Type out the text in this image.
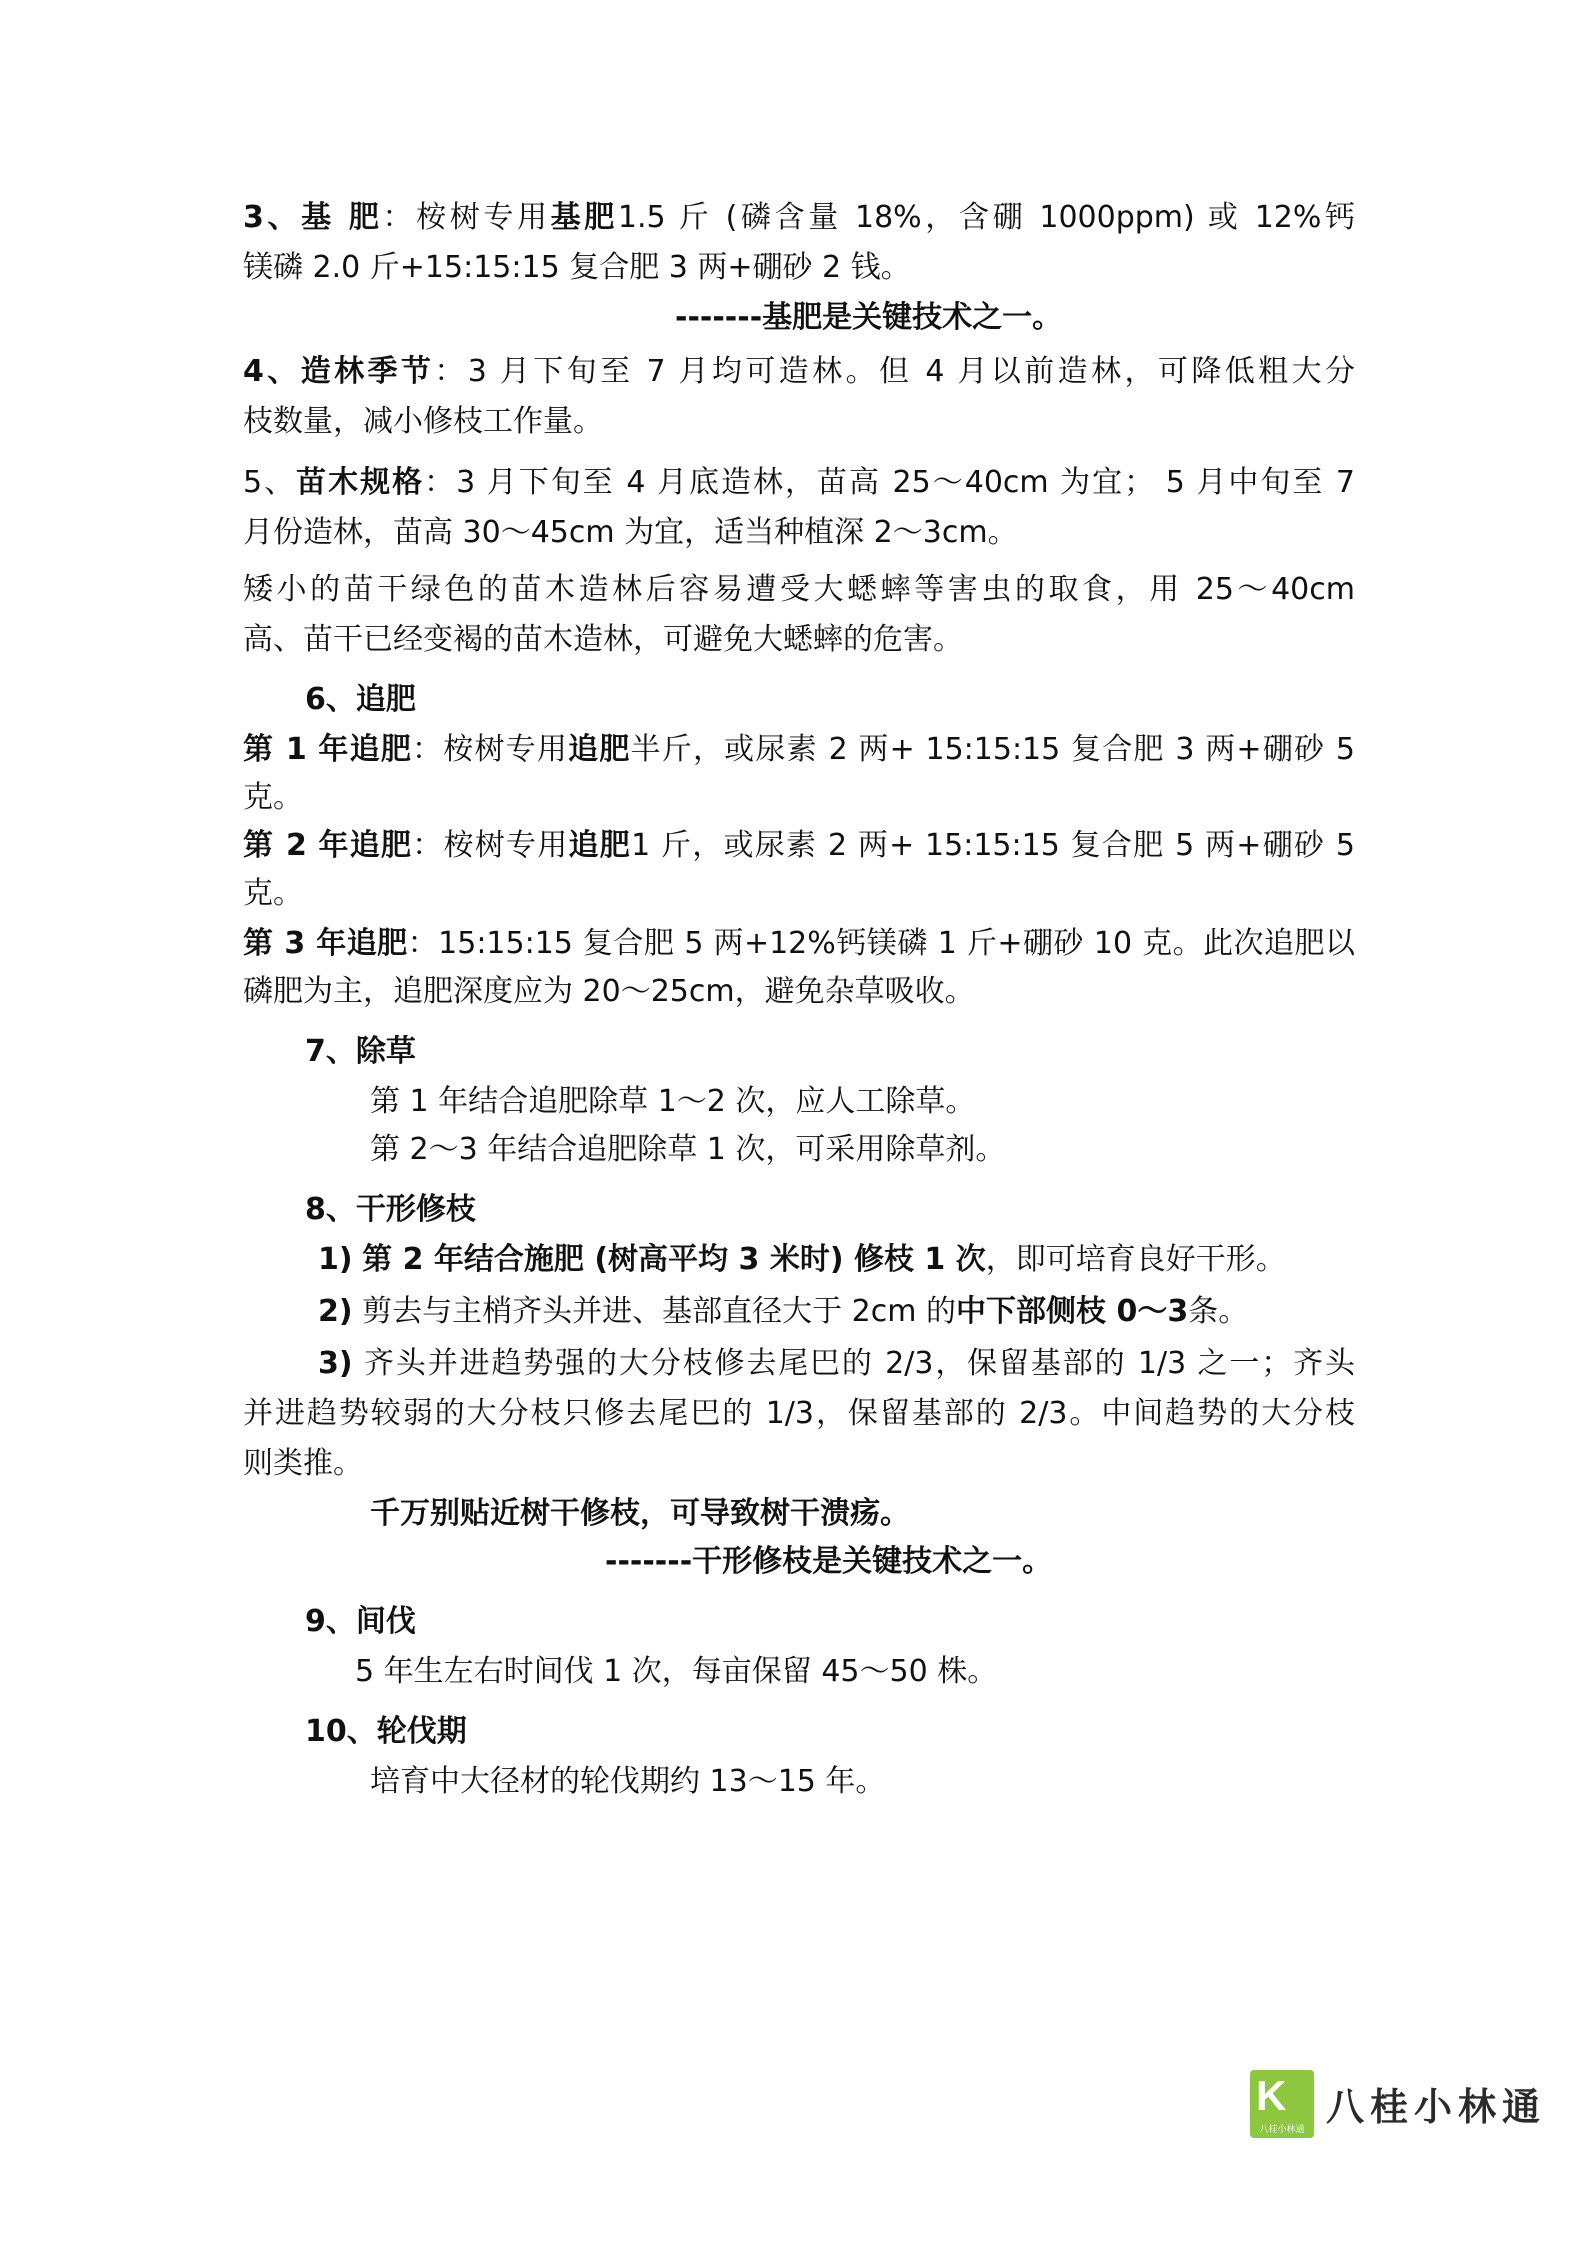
3、基 肥：桉树专用基肥1.5 斤 (磷含量 18%，含硼 1000ppm) 或 12%钙
镁磷 2.0 斤+15:15:15 复合肥 3 两+硼砂 2 钱。
-------基肥是关键技术之一。
4、造林季节：3 月下旬至 7 月均可造林。但 4 月以前造林，可降低粗大分
枝数量，减小修枝工作量。
5、苗木规格：3 月下旬至 4 月底造林，苗高 25～40cm 为宜； 5 月中旬至 7
月份造林，苗高 30～45cm 为宜，适当种植深 2～3cm。
矮小的苗干绿色的苗木造林后容易遭受大蟋蟀等害虫的取食，用 25～40cm
高、苗干已经变褐的苗木造林，可避免大蟋蟀的危害。
6、追肥
第 1 年追肥：桉树专用追肥半斤，或尿素 2 两+ 15:15:15 复合肥 3 两+硼砂 5
克。
第 2 年追肥：桉树专用追肥1 斤，或尿素 2 两+ 15:15:15 复合肥 5 两+硼砂 5
克。
第 3 年追肥：15:15:15 复合肥 5 两+12%钙镁磷 1 斤+硼砂 10 克。此次追肥以
磷肥为主，追肥深度应为 20～25cm，避免杂草吸收。
7、除草
第 1 年结合追肥除草 1～2 次，应人工除草。
第 2～3 年结合追肥除草 1 次，可采用除草剂。
8、干形修枝
1) 第 2 年结合施肥 (树高平均 3 米时) 修枝 1 次，即可培育良好干形。
2) 剪去与主梢齐头并进、基部直径大于 2cm 的中下部侧枝 0～3条。
3) 齐头并进趋势强的大分枝修去尾巴的 2/3，保留基部的 1/3 之一；齐头
并进趋势较弱的大分枝只修去尾巴的 1/3，保留基部的 2/3。中间趋势的大分枝
则类推。
千万别贴近树干修枝，可导致树干溃疡。
-------干形修枝是关键技术之一。
9、间伐
5 年生左右时间伐 1 次，每亩保留 45～50 株。
10、轮伐期
培育中大径材的轮伐期约 13～15 年。
K
八桂小林通
八桂小林通
